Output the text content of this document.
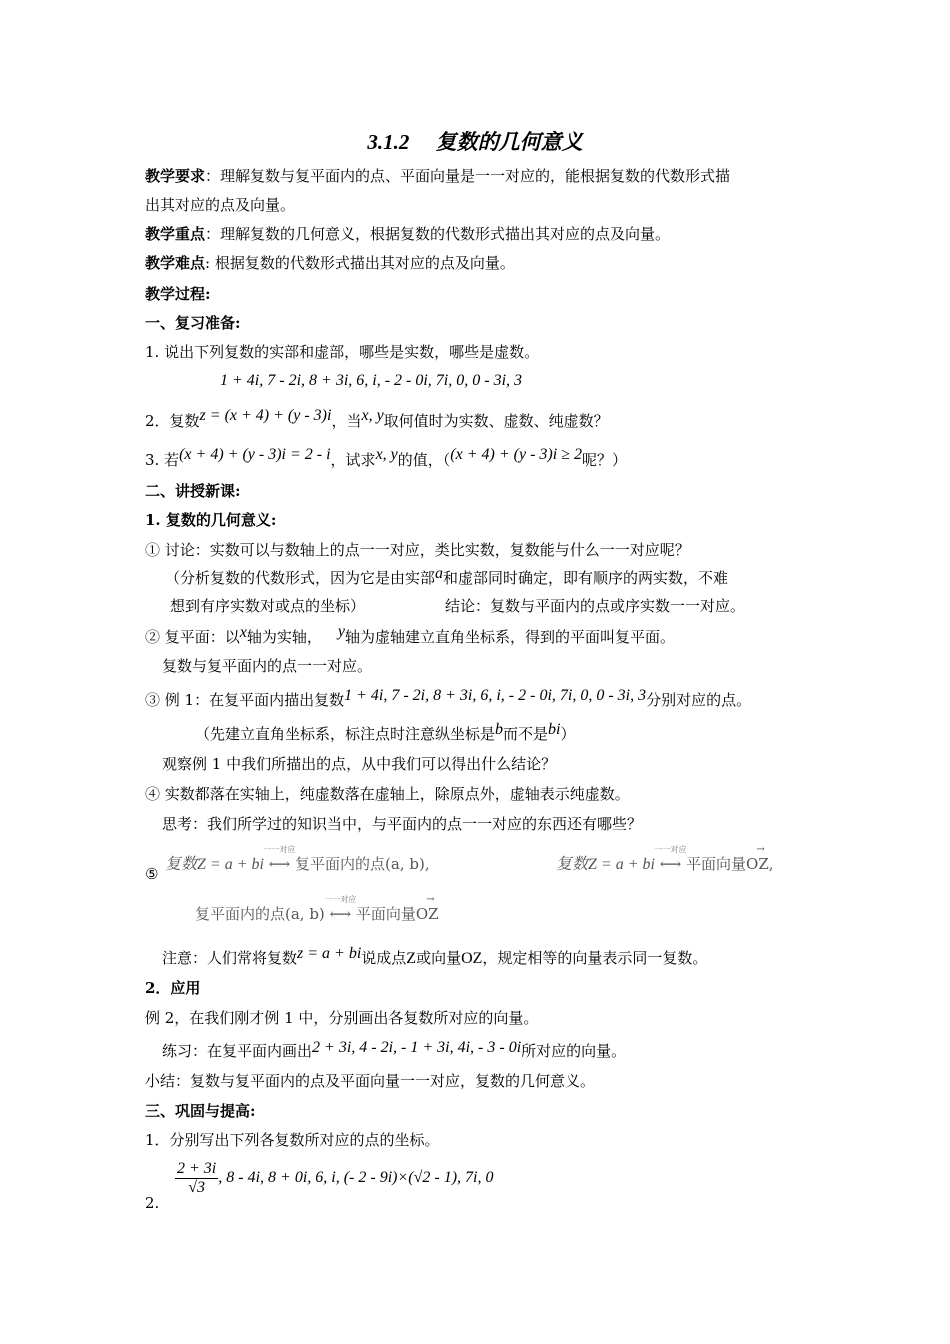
3.1.2　 复数的几何意义
教学要求：理解复数与复平面内的点、平面向量是一一对应的，能根据复数的代数形式描
出其对应的点及向量。
教学重点：理解复数的几何意义，根据复数的代数形式描出其对应的点及向量。
教学难点: 根据复数的代数形式描出其对应的点及向量。
教学过程:
一、复习准备:
1. 说出下列复数的实部和虚部，哪些是实数，哪些是虚数。
1 + 4i, 7 - 2i, 8 + 3i, 6, i, - 2 - 0i, 7i, 0, 0 - 3i, 3
2．复数z = (x + 4) + (y - 3)i，当x, y取何值时为实数、虚数、纯虚数？
3. 若(x + 4) + (y - 3)i = 2 - i，试求x, y的值，（(x + 4) + (y - 3)i ≥ 2呢？）
二、讲授新课:
1. 复数的几何意义:
① 讨论：实数可以与数轴上的点一一对应，类比实数，复数能与什么一一对应呢？
（分析复数的代数形式，因为它是由实部a和虚部同时确定，即有顺序的两实数，不难
想到有序实数对或点的坐标）	结论：复数与平面内的点或序实数一一对应。
② 复平面：以x轴为实轴， y轴为虚轴建立直角坐标系，得到的平面叫复平面。
复数与复平面内的点一一对应。
③ 例 1：在复平面内描出复数1 + 4i, 7 - 2i, 8 + 3i, 6, i, - 2 - 0i, 7i, 0, 0 - 3i, 3分别对应的点。
（先建立直角坐标系，标注点时注意纵坐标是b而不是bi）
观察例 1 中我们所描出的点，从中我们可以得出什么结论？
④ 实数都落在实轴上，纯虚数落在虚轴上，除原点外，虚轴表示纯虚数。
思考：我们所学过的知识当中，与平面内的点一一对应的东西还有哪些？
⑤
复数Z = a + bi
一一对应
⟷ 复平面内的点(a, b),	复数Z = a + bi
一一对应
⟷ → 平面向量OZ,
复平面内的点(a, b)
一一对应
⟷ → 平面向量OZ
注意：人们常将复数z = a + bi说成点Z或向量OZ，规定相等的向量表示同一复数。
2．应用
例 2，在我们刚才例 1 中，分别画出各复数所对应的向量。
练习：在复平面内画出2 + 3i, 4 - 2i, - 1 + 3i, 4i, - 3 - 0i所对应的向量。
小结：复数与复平面内的点及平面向量一一对应，复数的几何意义。
三、巩固与提高:
1．分别写出下列各复数所对应的点的坐标。
2.
$\frac{2 + 3i}{√3}$ , 8 - 4i, 8 + 0i, 6, i, (- 2 - 9i)×(√2 - 1), 7i, 0
